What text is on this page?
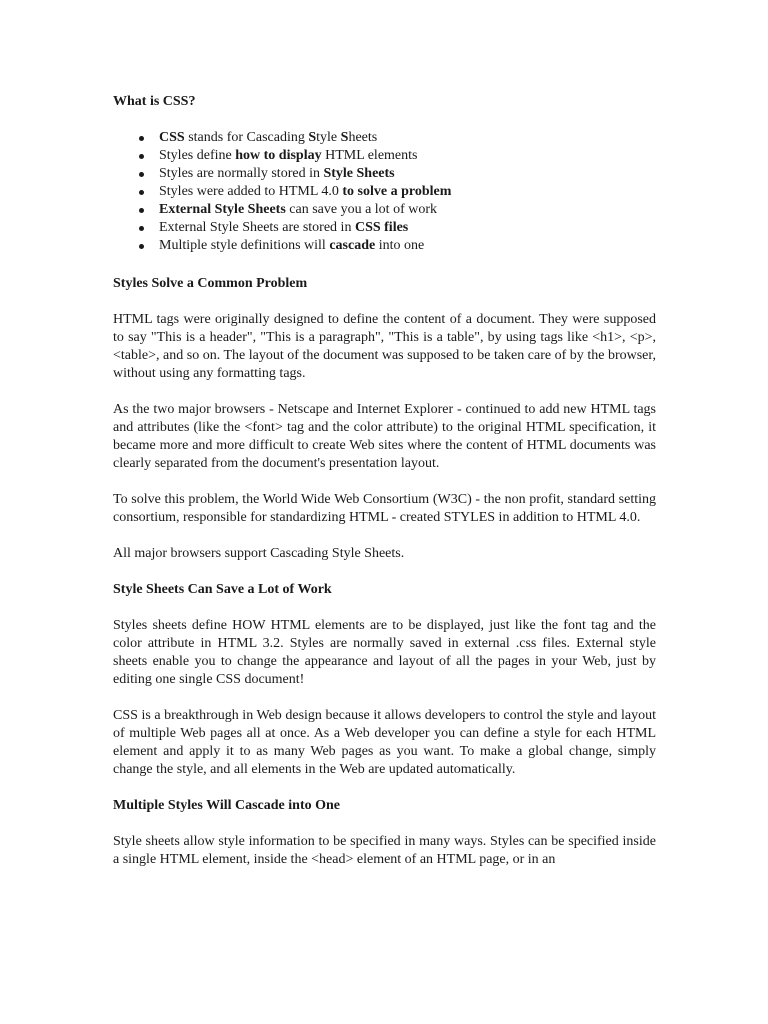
What is CSS?
CSS stands for Cascading Style Sheets
Styles define how to display HTML elements
Styles are normally stored in Style Sheets
Styles were added to HTML 4.0 to solve a problem
External Style Sheets can save you a lot of work
External Style Sheets are stored in CSS files
Multiple style definitions will cascade into one
Styles Solve a Common Problem

HTML tags were originally designed to define the content of a document. They were supposed to say "This is a header", "This is a paragraph", "This is a table", by using tags like <h1>, <p>, <table>, and so on. The layout of the document was supposed to be taken care of by the browser, without using any formatting tags.

As the two major browsers - Netscape and Internet Explorer - continued to add new HTML tags and attributes (like the <font> tag and the color attribute) to the original HTML specification, it became more and more difficult to create Web sites where the content of HTML documents was clearly separated from the document's presentation layout.

To solve this problem, the World Wide Web Consortium (W3C) - the non profit, standard setting consortium, responsible for standardizing HTML - created STYLES in addition to HTML 4.0.

All major browsers support Cascading Style Sheets.

Style Sheets Can Save a Lot of Work

Styles sheets define HOW HTML elements are to be displayed, just like the font tag and the color attribute in HTML 3.2. Styles are normally saved in external .css files. External style sheets enable you to change the appearance and layout of all the pages in your Web, just by editing one single CSS document!

CSS is a breakthrough in Web design because it allows developers to control the style and layout of multiple Web pages all at once. As a Web developer you can define a style for each HTML element and apply it to as many Web pages as you want. To make a global change, simply change the style, and all elements in the Web are updated automatically.

Multiple Styles Will Cascade into One

Style sheets allow style information to be specified in many ways. Styles can be specified inside a single HTML element, inside the <head> element of an HTML page, or in an
